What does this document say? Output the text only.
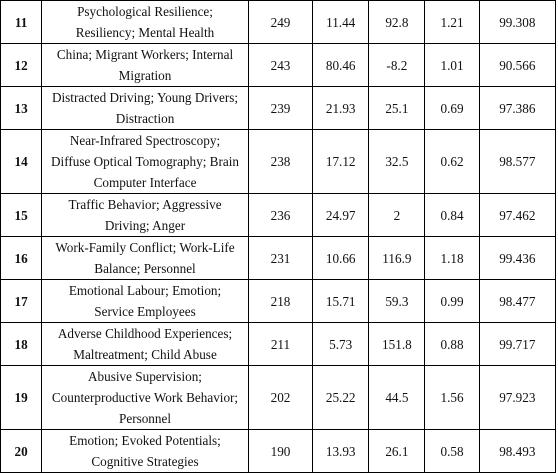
11	Psychological Resilience;
Resiliency; Mental Health	249	11.44	92.8	1.21	99.308
12	China; Migrant Workers; Internal
Migration	243	80.46	-8.2	1.01	90.566
13	Distracted Driving; Young Drivers;
Distraction	239	21.93	25.1	0.69	97.386
14	Near-Infrared Spectroscopy;
Diffuse Optical Tomography; Brain
Computer Interface	238	17.12	32.5	0.62	98.577
15	Traffic Behavior; Aggressive
Driving; Anger	236	24.97	2	0.84	97.462
16	Work-Family Conflict; Work-Life
Balance; Personnel	231	10.66	116.9	1.18	99.436
17	Emotional Labour; Emotion;
Service Employees	218	15.71	59.3	0.99	98.477
18	Adverse Childhood Experiences;
Maltreatment; Child Abuse	211	5.73	151.8	0.88	99.717
19	Abusive Supervision;
Counterproductive Work Behavior;
Personnel	202	25.22	44.5	1.56	97.923
20	Emotion; Evoked Potentials;
Cognitive Strategies	190	13.93	26.1	0.58	98.493
